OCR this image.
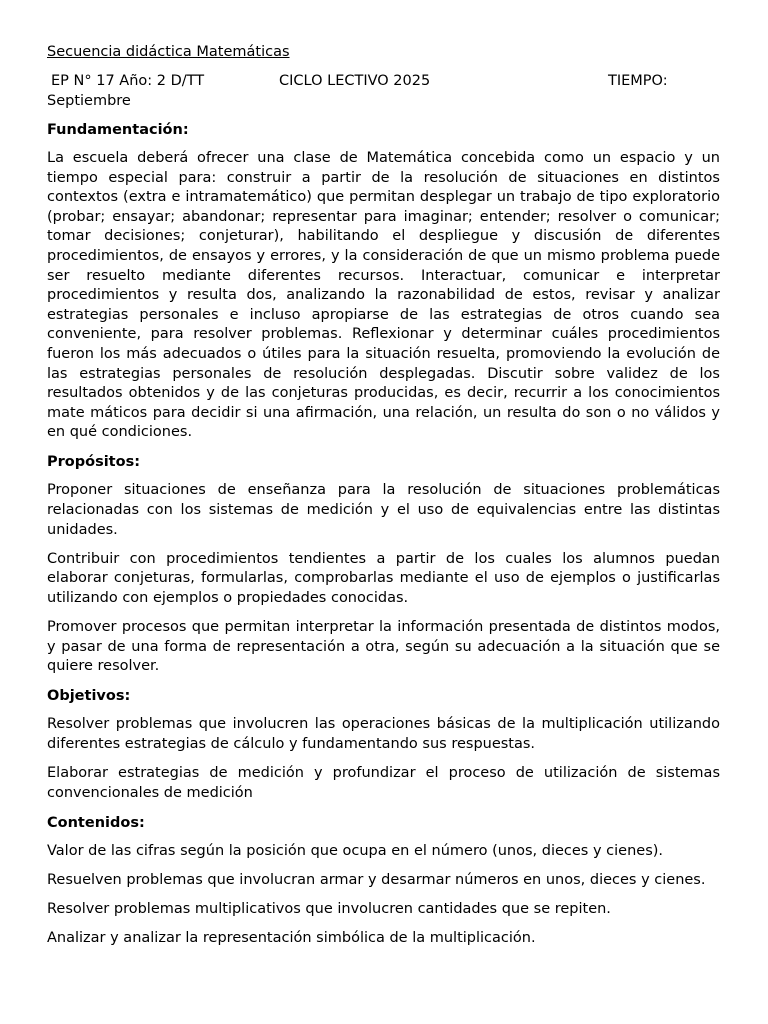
Secuencia didáctica Matemáticas
EP N° 17 Año: 2 D/TT	CICLO LECTIVO 2025	TIEMPO:
Septiembre
Fundamentación:

La escuela deberá ofrecer una clase de Matemática concebida como un espacio y un tiempo especial para: construir a partir de la resolución de situaciones en distintos contextos (extra e intramatemático) que permitan desplegar un trabajo de tipo exploratorio (probar; ensayar; abandonar; representar para imaginar; entender; resolver o comunicar; tomar decisiones; conjeturar), habilitando el despliegue y discusión de diferentes procedimientos, de ensayos y errores, y la consideración de que un mismo problema puede ser resuelto mediante diferentes recursos. Interactuar, comunicar e interpretar procedimientos y resulta dos, analizando la razonabilidad de estos, revisar y analizar estrategias personales e incluso apropiarse de las estrategias de otros cuando sea conveniente, para resolver problemas. Reflexionar y determinar cuáles procedimientos fueron los más adecuados o útiles para la situación resuelta, promoviendo la evolución de las estrategias personales de resolución desplegadas. Discutir sobre validez de los resultados obtenidos y de las conjeturas producidas, es decir, recurrir a los conocimientos mate máticos para decidir si una afirmación, una relación, un resulta do son o no válidos y en qué condiciones.

Propósitos:

Proponer situaciones de enseñanza para la resolución de situaciones problemáticas relacionadas con los sistemas de medición y el uso de equivalencias entre las distintas unidades.

Contribuir con procedimientos tendientes a partir de los cuales los alumnos puedan elaborar conjeturas, formularlas, comprobarlas mediante el uso de ejemplos o justificarlas utilizando con ejemplos o propiedades conocidas.

Promover procesos que permitan interpretar la información presentada de distintos modos, y pasar de una forma de representación a otra, según su adecuación a la situación que se quiere resolver.

Objetivos:

Resolver problemas que involucren las operaciones básicas de la multiplicación utilizando diferentes estrategias de cálculo y fundamentando sus respuestas.

Elaborar estrategias de medición y profundizar el proceso de utilización de sistemas convencionales de medición

Contenidos:

Valor de las cifras según la posición que ocupa en el número (unos, dieces y cienes).

Resuelven problemas que involucran armar y desarmar números en unos, dieces y cienes.

Resolver problemas multiplicativos que involucren cantidades que se repiten.

Analizar y analizar la representación simbólica de la multiplicación.
